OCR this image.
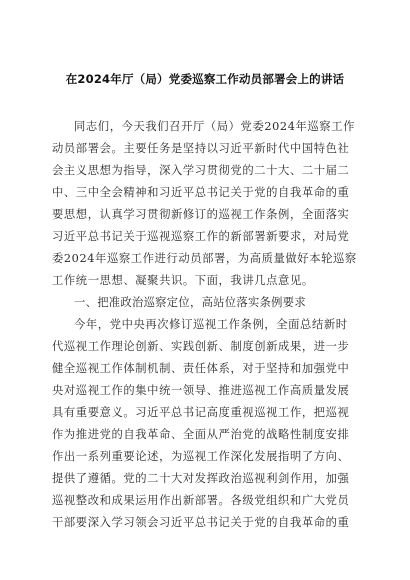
在2024年厅（局）党委巡察工作动员部署会上的讲话
同志们，今天我们召开厅（局）党委2024年巡察工作
动员部署会。主要任务是坚持以习近平新时代中国特色社
会主义思想为指导，深入学习贯彻党的二十大、二十届二
中、三中全会精神和习近平总书记关于党的自我革命的重
要思想，认真学习贯彻新修订的巡视工作条例，全面落实
习近平总书记关于巡视巡察工作的新部署新要求，对局党
委2024年巡察工作进行动员部署，为高质量做好本轮巡察
工作统一思想、凝聚共识。下面，我讲几点意见。
一、把准政治巡察定位，高站位落实条例要求
今年，党中央再次修订巡视工作条例，全面总结新时
代巡视工作理论创新、实践创新、制度创新成果，进一步
健全巡视工作体制机制、责任体系，对于坚持和加强党中
央对巡视工作的集中统一领导、推进巡视工作高质量发展
具有重要意义。习近平总书记高度重视巡视工作，把巡视
作为推进党的自我革命、全面从严治党的战略性制度安排
作出一系列重要论述，为巡视工作深化发展指明了方向、
提供了遵循。党的二十大对发挥政治巡视利剑作用，加强
巡视整改和成果运用作出新部署。各级党组织和广大党员
干部要深入学习领会习近平总书记关于党的自我革命的重
